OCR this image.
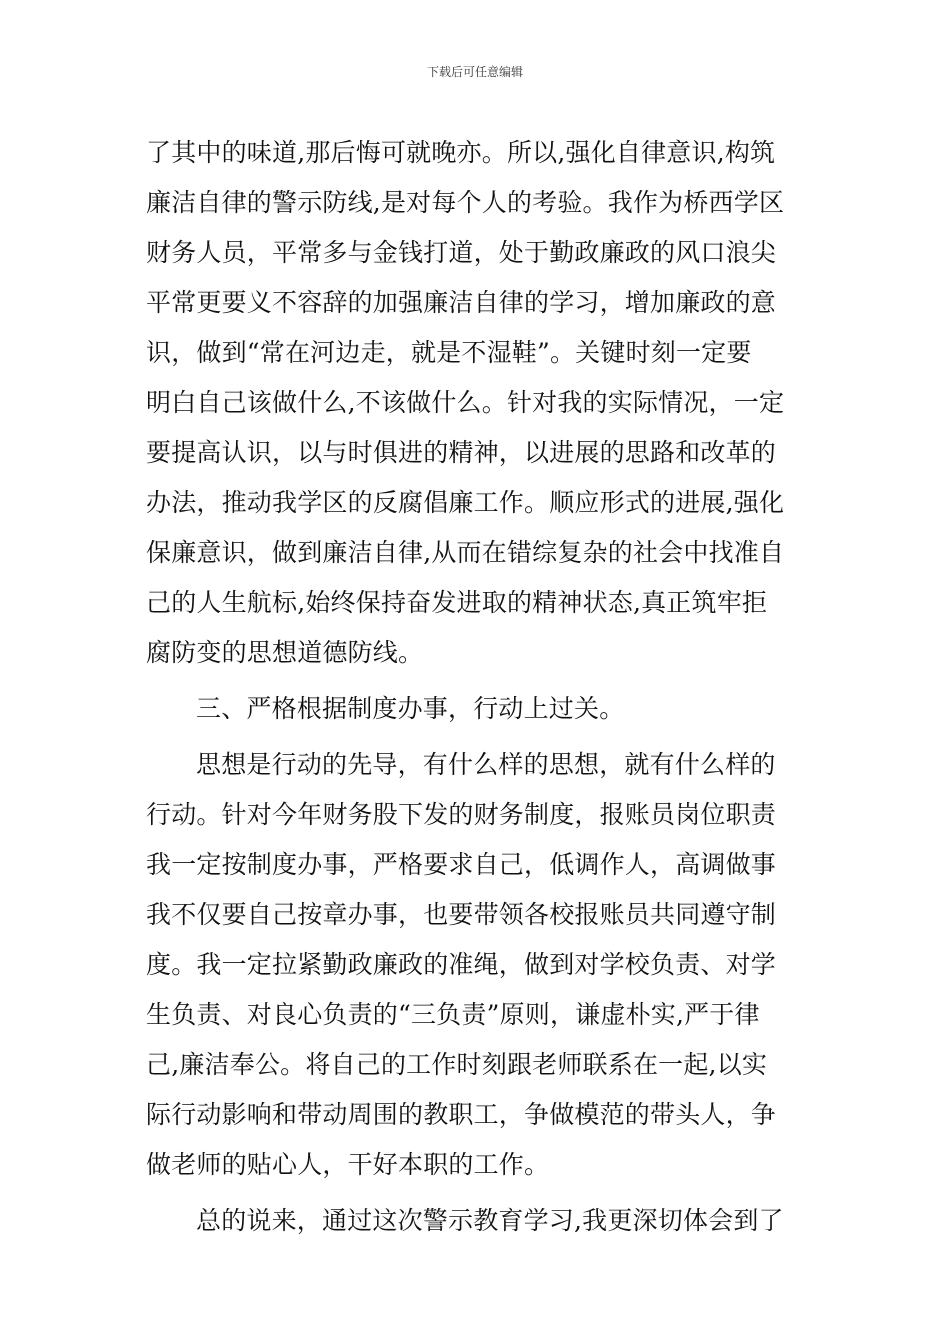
下载后可任意编辑
了其中的味道,那后悔可就晚亦。所以,强化自律意识,构筑
廉洁自律的警示防线,是对每个人的考验。我作为桥西学区
财务人员，平常多与金钱打道，处于勤政廉政的风口浪尖
平常更要义不容辞的加强廉洁自律的学习，增加廉政的意
识，做到“常在河边走，就是不湿鞋”。关键时刻一定要
明白自己该做什么,不该做什么。针对我的实际情况，一定
要提高认识，以与时俱进的精神，以进展的思路和改革的
办法，推动我学区的反腐倡廉工作。顺应形式的进展,强化
保廉意识，做到廉洁自律,从而在错综复杂的社会中找准自
己的人生航标,始终保持奋发进取的精神状态,真正筑牢拒
腐防变的思想道德防线。
三、严格根据制度办事，行动上过关。
思想是行动的先导，有什么样的思想，就有什么样的
行动。针对今年财务股下发的财务制度，报账员岗位职责
我一定按制度办事，严格要求自己，低调作人，高调做事
我不仅要自己按章办事，也要带领各校报账员共同遵守制
度。我一定拉紧勤政廉政的准绳，做到对学校负责、对学
生负责、对良心负责的“三负责”原则，谦虚朴实,严于律
己,廉洁奉公。将自己的工作时刻跟老师联系在一起,以实
际行动影响和带动周围的教职工，争做模范的带头人，争
做老师的贴心人，干好本职的工作。
总的说来，通过这次警示教育学习,我更深切体会到了
